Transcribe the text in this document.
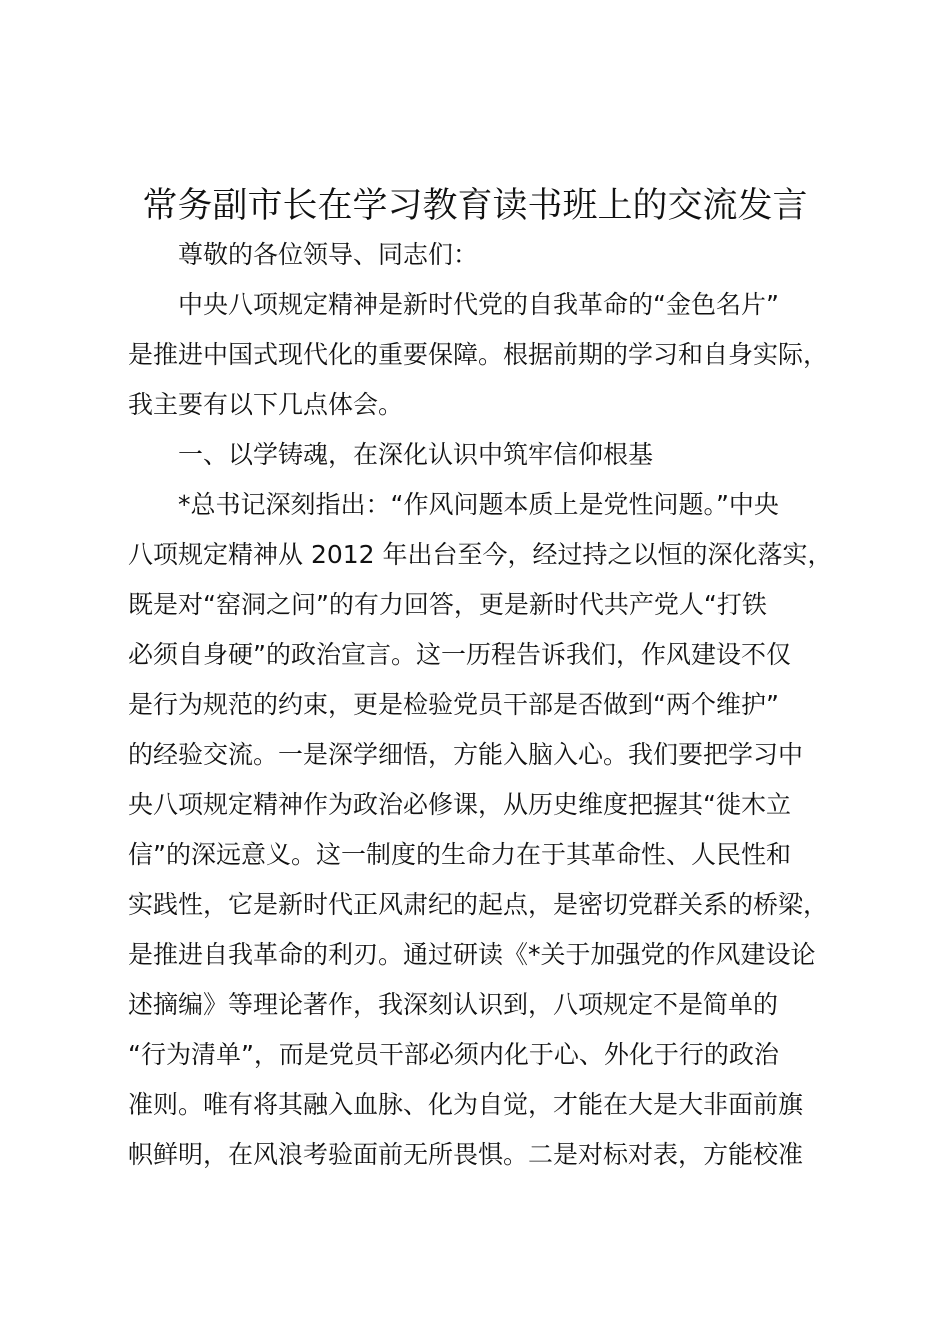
常务副市长在学习教育读书班上的交流发言
尊敬的各位领导、同志们：
中央八项规定精神是新时代党的自我革命的“金色名片”
是推进中国式现代化的重要保障。根据前期的学习和自身实际，
我主要有以下几点体会。
一、以学铸魂，在深化认识中筑牢信仰根基
*总书记深刻指出：“作风问题本质上是党性问题。”中央
八项规定精神从 2012 年出台至今，经过持之以恒的深化落实，
既是对“窑洞之问”的有力回答，更是新时代共产党人“打铁
必须自身硬”的政治宣言。这一历程告诉我们，作风建设不仅
是行为规范的约束，更是检验党员干部是否做到“两个维护”
的经验交流。一是深学细悟，方能入脑入心。我们要把学习中
央八项规定精神作为政治必修课，从历史维度把握其“徙木立
信”的深远意义。这一制度的生命力在于其革命性、人民性和
实践性，它是新时代正风肃纪的起点，是密切党群关系的桥梁，
是推进自我革命的利刃。通过研读《*关于加强党的作风建设论
述摘编》等理论著作，我深刻认识到，八项规定不是简单的
“行为清单”，而是党员干部必须内化于心、外化于行的政治
准则。唯有将其融入血脉、化为自觉，才能在大是大非面前旗
帜鲜明，在风浪考验面前无所畏惧。二是对标对表，方能校准
